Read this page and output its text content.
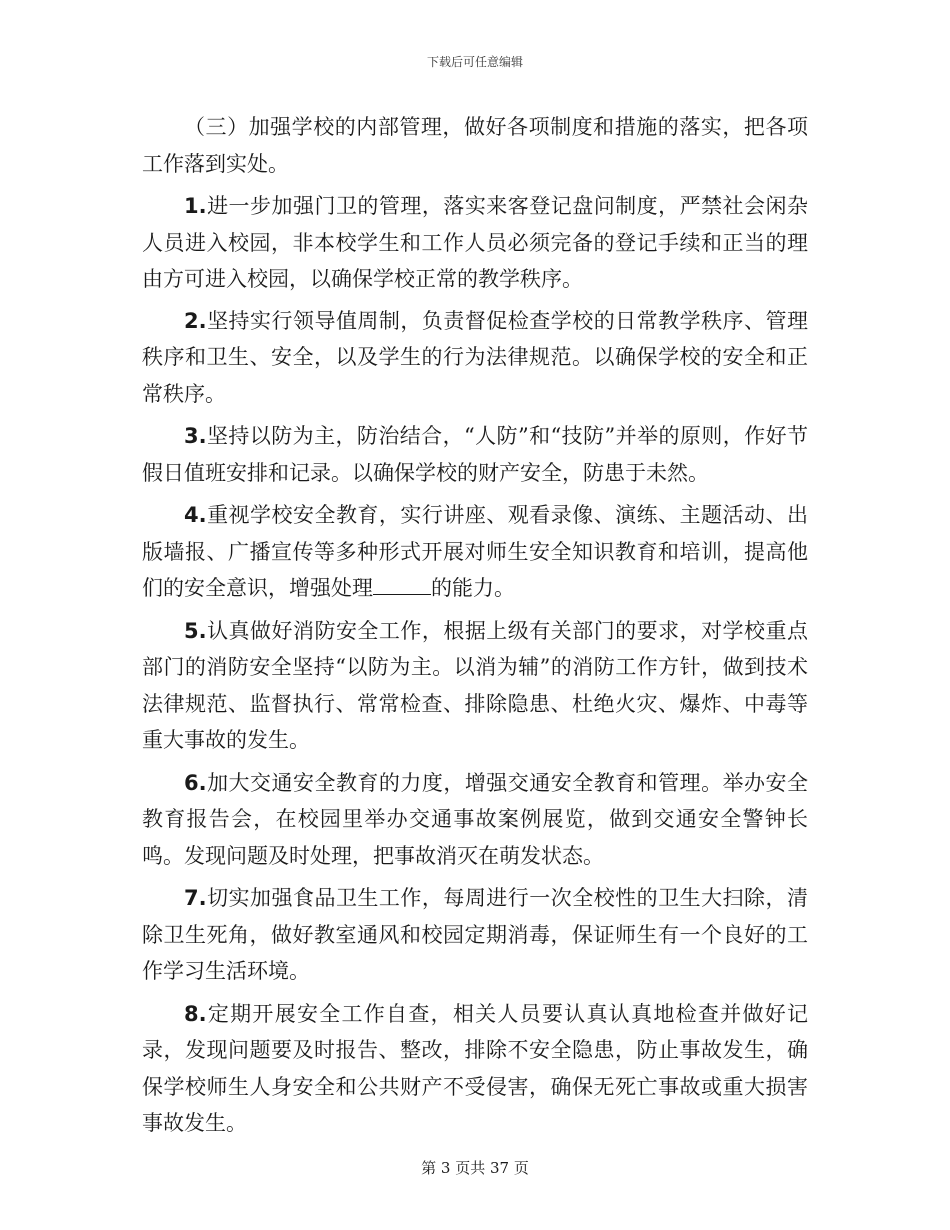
下载后可任意编辑

（三）加强学校的内部管理，做好各项制度和措施的落实，把各项工作落到实处。

1.进一步加强门卫的管理，落实来客登记盘问制度，严禁社会闲杂人员进入校园，非本校学生和工作人员必须完备的登记手续和正当的理由方可进入校园，以确保学校正常的教学秩序。

2.坚持实行领导值周制，负责督促检查学校的日常教学秩序、管理秩序和卫生、安全，以及学生的行为法律规范。以确保学校的安全和正常秩序。

3.坚持以防为主，防治结合，“人防”和“技防”并举的原则，作好节假日值班安排和记录。以确保学校的财产安全，防患于未然。

4.重视学校安全教育，实行讲座、观看录像、演练、主题活动、出版墙报、广播宣传等多种形式开展对师生安全知识教育和培训，提高他们的安全意识，增强处理	的能力。

5.认真做好消防安全工作，根据上级有关部门的要求，对学校重点部门的消防安全坚持“以防为主。以消为辅”的消防工作方针，做到技术法律规范、监督执行、常常检查、排除隐患、杜绝火灾、爆炸、中毒等重大事故的发生。

6.加大交通安全教育的力度，增强交通安全教育和管理。举办安全教育报告会，在校园里举办交通事故案例展览，做到交通安全警钟长鸣。发现问题及时处理，把事故消灭在萌发状态。

7.切实加强食品卫生工作，每周进行一次全校性的卫生大扫除，清除卫生死角，做好教室通风和校园定期消毒，保证师生有一个良好的工作学习生活环境。

8.定期开展安全工作自查，相关人员要认真认真地检查并做好记录，发现问题要及时报告、整改，排除不安全隐患，防止事故发生，确保学校师生人身安全和公共财产不受侵害，确保无死亡事故或重大损害事故发生。

第 3 页共 37 页
